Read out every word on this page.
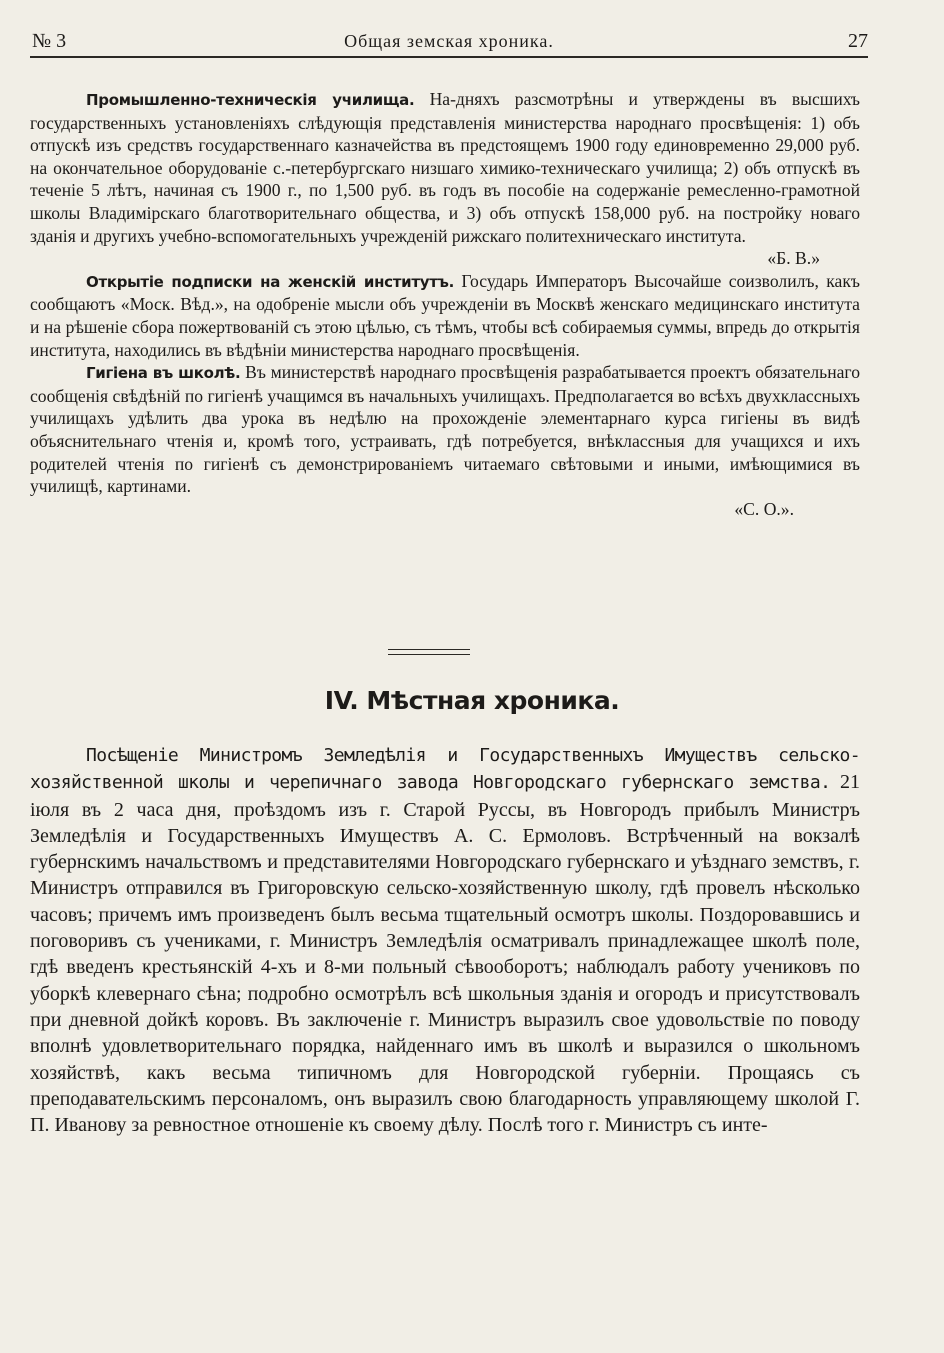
№ 3	Общая земская хроника.	27

Промышленно-техническія училища. На-дняхъ разсмотрѣны и утверждены въ высшихъ государственныхъ установленіяхъ слѣдующія представленія министерства народнаго просвѣщенія: 1) объ отпускѣ изъ средствъ государственнаго казначейства въ предстоящемъ 1900 году единовременно 29,000 руб. на окончательное оборудованіе с.-петербургскаго низшаго химико-техническаго училища; 2) объ отпускѣ въ теченіе 5 лѣтъ, начиная съ 1900 г., по 1,500 руб. въ годъ въ пособіе на содержаніе ремесленно-грамотной школы Владимірскаго благотворительнаго общества, и 3) объ отпускѣ 158,000 руб. на постройку новаго зданія и другихъ учебно-вспомогательныхъ учрежденій рижскаго политехническаго института.

«Б. В.»

Открытіе подписки на женскій институтъ. Государь Императоръ Высочайше соизволилъ, какъ сообщаютъ «Моск. Вѣд.», на одобреніе мысли объ учрежденіи въ Москвѣ женскаго медицинскаго института и на рѣшеніе сбора пожертвованій съ этою цѣлью, съ тѣмъ, чтобы всѣ собираемыя суммы, впредь до открытія института, находились въ вѣдѣніи министерства народнаго просвѣщенія.

Гигіена въ школѣ. Въ министерствѣ народнаго просвѣщенія разрабатывается проектъ обязательнаго сообщенія свѣдѣній по гигіенѣ учащимся въ начальныхъ училищахъ. Предполагается во всѣхъ двухклассныхъ училищахъ удѣлить два урока въ недѣлю на прохожденіе элементарнаго курса гигіены въ видѣ объяснительнаго чтенія и, кромѣ того, устраивать, гдѣ потребуется, внѣклассныя для учащихся и ихъ родителей чтенія по гигіенѣ съ демонстрированіемъ читаемаго свѣтовыми и иными, имѣющимися въ училищѣ, картинами.

«С. О.».

IV. Мѣстная хроника.

Посѣщеніе Министромъ Земледѣлія и Государственныхъ Имуществъ сельско-хозяйственной школы и черепичнаго завода Новгородскаго губернскаго земства. 21 іюля въ 2 часа дня, проѣздомъ изъ г. Старой Руссы, въ Новгородъ прибылъ Министръ Земледѣлія и Государственныхъ Имуществъ А. С. Ермоловъ. Встрѣченный на вокзалѣ губернскимъ начальствомъ и представителями Новгородскаго губернскаго и уѣзднаго земствъ, г. Министръ отправился въ Григоровскую сельско-хозяйственную школу, гдѣ провелъ нѣсколько часовъ; причемъ имъ произведенъ былъ весьма тщательный осмотръ школы. Поздоровавшись и поговоривъ съ учениками, г. Министръ Земледѣлія осматривалъ принадлежащее школѣ поле, гдѣ введенъ крестьянскій 4-хъ и 8-ми польный сѣвооборотъ; наблюдалъ работу учениковъ по уборкѣ клевернаго сѣна; подробно осмотрѣлъ всѣ школьныя зданія и огородъ и присутствовалъ при дневной дойкѣ коровъ. Въ заключеніе г. Министръ выразилъ свое удовольствіе по поводу вполнѣ удовлетворительнаго порядка, найденнаго имъ въ школѣ и выразился о школьномъ хозяйствѣ, какъ весьма типичномъ для Новгородской губерніи. Прощаясь съ преподавательскимъ персоналомъ, онъ выразилъ свою благодарность управляющему школой Г. П. Иванову за ревностное отношеніе къ своему дѣлу. Послѣ того г. Министръ съ инте-
